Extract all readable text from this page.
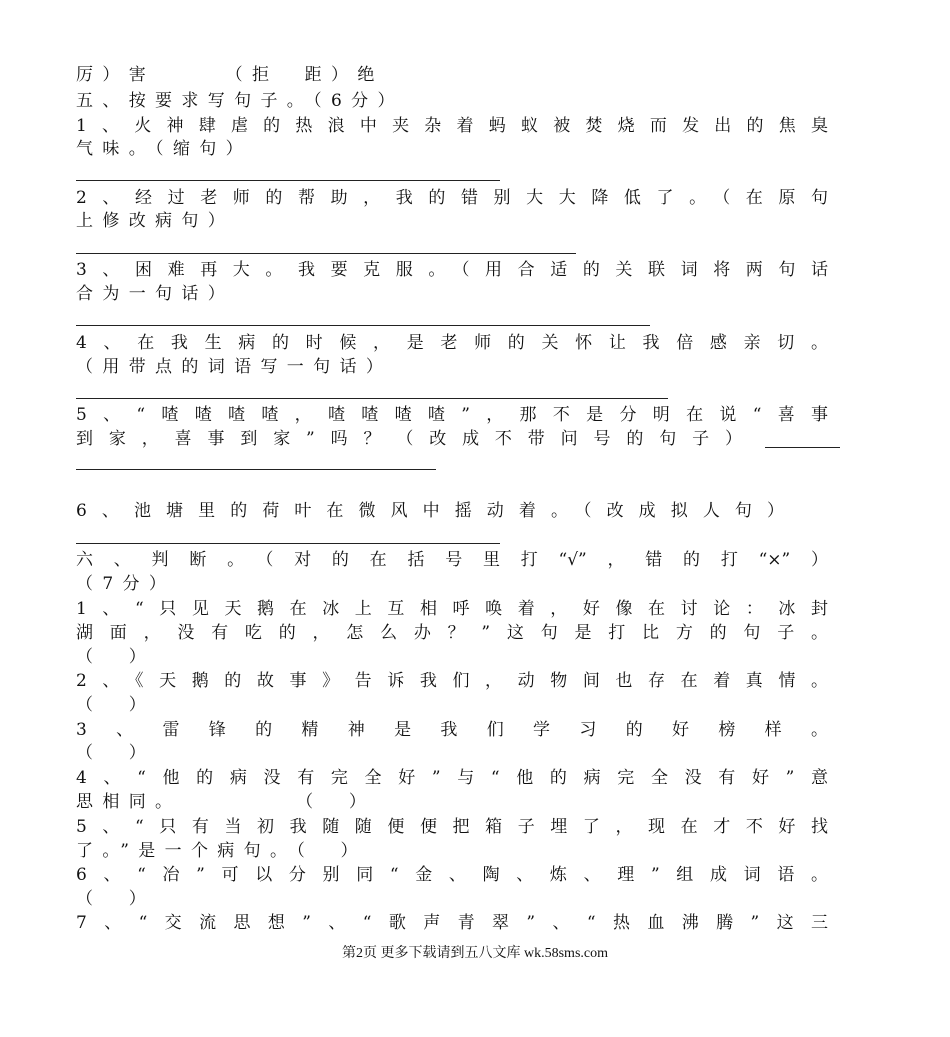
厉）害　　　（拒　距）绝
五、按要求写句子。（6分）
1、火神肆虐的热浪中夹杂着蚂蚁被焚烧而发出的焦臭
气味。（缩句）
2、经过老师的帮助，我的错别大大降低了。（在原句
上修改病句）
3、困难再大。我要克服。（用合适的关联词将两句话
合为一句话）
4、在我生病的时候，是老师的关怀让我倍感亲切。
（用带点的词语写一句话）
5、“喳喳喳喳，喳喳喳喳”，那不是分明在说“喜事
到家，喜事到家”吗？（改成不带问号的句子）
6、池塘里的荷叶在微风中摇动着。（改成拟人句）
六、判断。（对的在括号里打“√”，错的打“×”）
（7分）
1、“只见天鹅在冰上互相呼唤着，好像在讨论：冰封
湖面，没有吃的，怎么办？”这句是打比方的句子。
（　）
2、《天鹅的故事》告诉我们，动物间也存在着真情。
（　）
3、雷锋的精神是我们学习的好榜样。
（　）
4、“他的病没有完全好”与“他的病完全没有好”意
思相同。　　　　　（　）
5、“只有当初我随随便便把箱子埋了，现在才不好找
了。”是一个病句。（　）
6、“冶”可以分别同“金、陶、炼、理”组成词语。
（　）
7、“交流思想”、“歌声青翠”、“热血沸腾”这三
第2页 更多下载请到五八文库 wk.58sms.com
